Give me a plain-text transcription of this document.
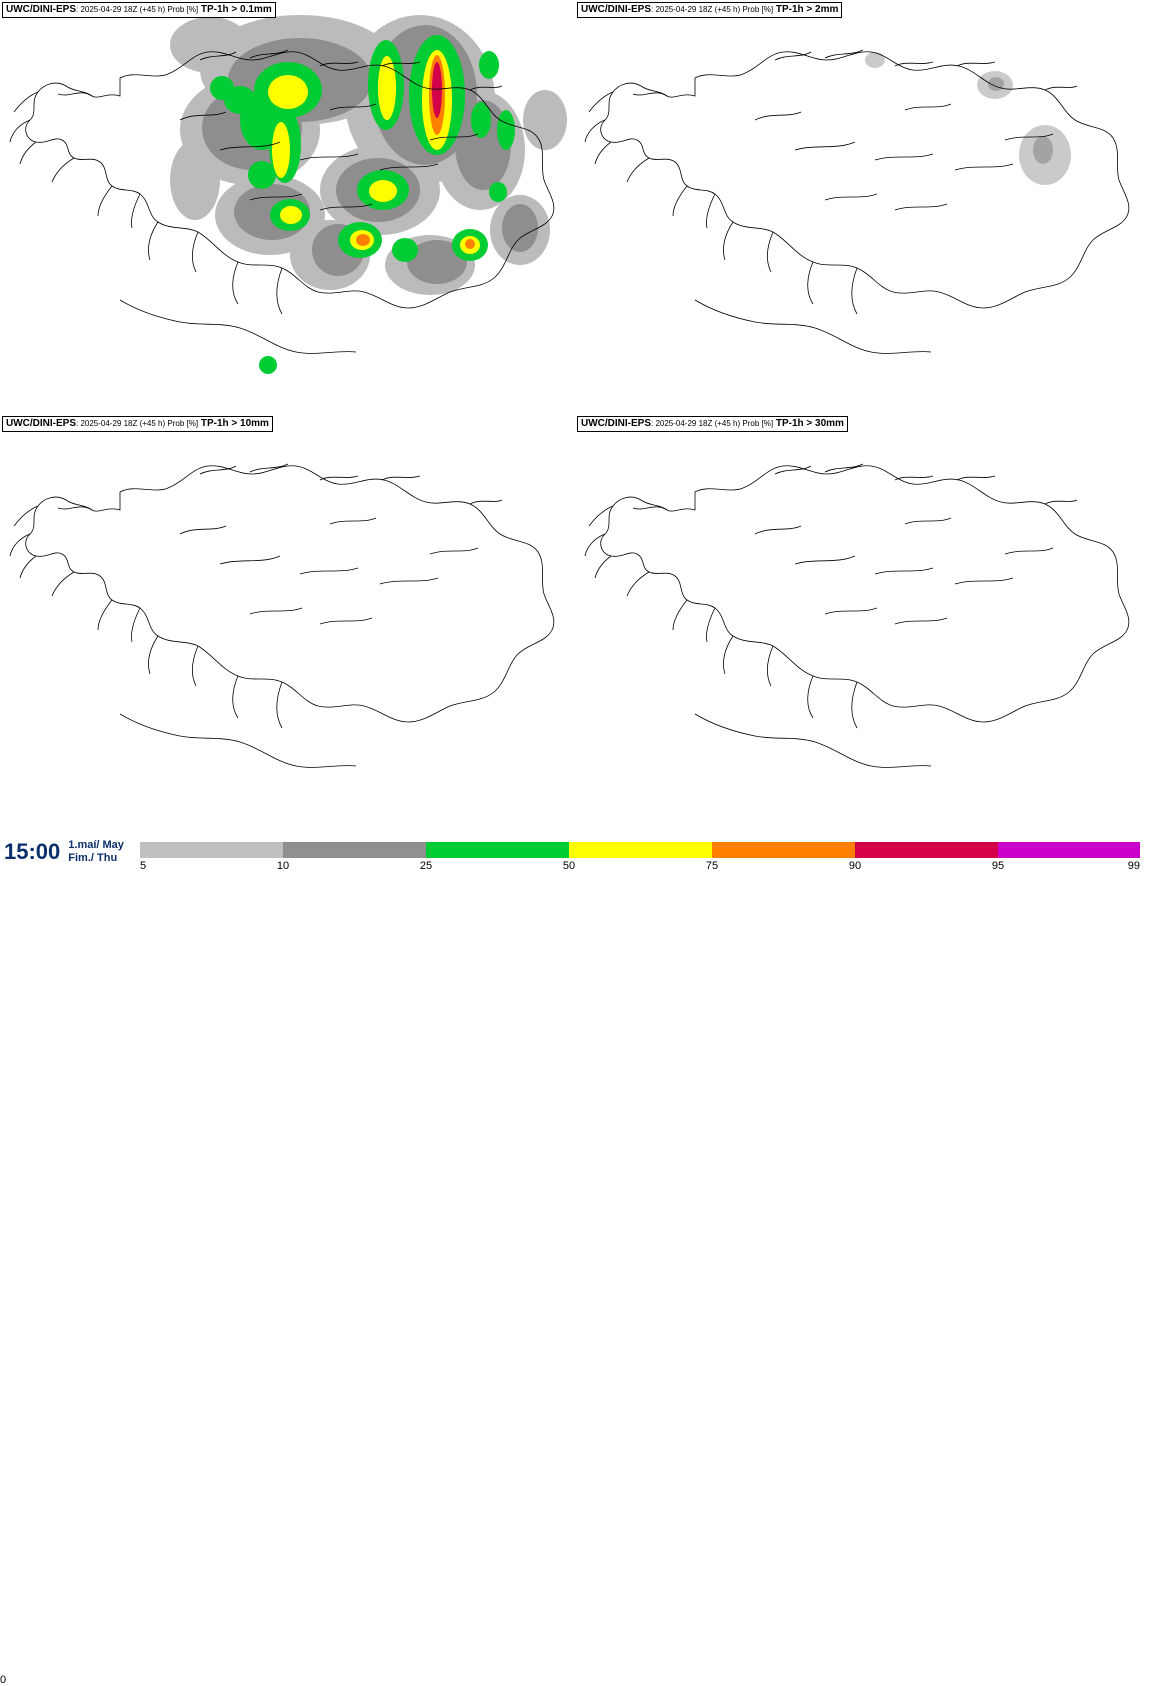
UWC/DINI-EPS: 2025-04-29 18Z (+45 h) Prob [%] TP-1h > 0.1mm	UWC/DINI-EPS: 2025-04-29 18Z (+45 h) Prob [%] TP-1h > 2mm
UWC/DINI-EPS: 2025-04-29 18Z (+45 h) Prob [%] TP-1h > 10mm	UWC/DINI-EPS: 2025-04-29 18Z (+45 h) Prob [%] TP-1h > 30mm
15:00 1.maí/ May
Fim./ Thu
5	10	25	50	75	90	95	99
0
